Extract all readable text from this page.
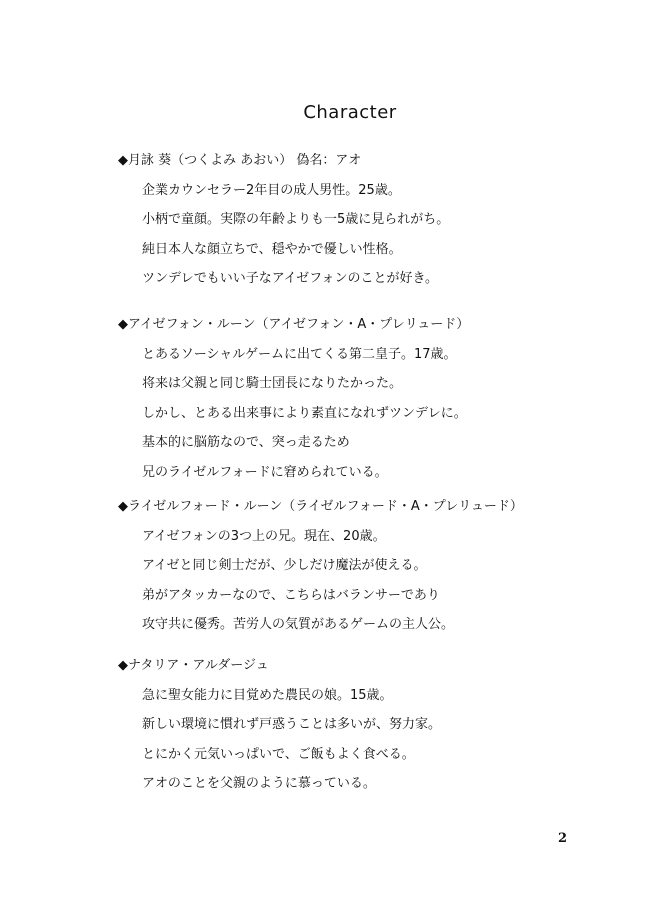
Character
◆月詠 葵（つくよみ あおい） 偽名：アオ
企業カウンセラー2年目の成人男性。25歳。
小柄で童顔。実際の年齢よりも一5歳に見られがち。
純日本人な顔立ちで、穏やかで優しい性格。
ツンデレでもいい子なアイゼフォンのことが好き。
◆アイゼフォン・ルーン（アイゼフォン・A・プレリュード）
とあるソーシャルゲームに出てくる第二皇子。17歳。
将来は父親と同じ騎士団長になりたかった。
しかし、とある出来事により素直になれずツンデレに。
基本的に脳筋なので、突っ走るため
兄のライゼルフォードに窘められている。
◆ライゼルフォード・ルーン（ライゼルフォード・A・プレリュード）
アイゼフォンの3つ上の兄。現在、20歳。
アイゼと同じ剣士だが、少しだけ魔法が使える。
弟がアタッカーなので、こちらはバランサーであり
攻守共に優秀。苦労人の気質があるゲームの主人公。
◆ナタリア・アルダージュ
急に聖女能力に目覚めた農民の娘。15歳。
新しい環境に慣れず戸惑うことは多いが、努力家。
とにかく元気いっぱいで、ご飯もよく食べる。
アオのことを父親のように慕っている。
2
